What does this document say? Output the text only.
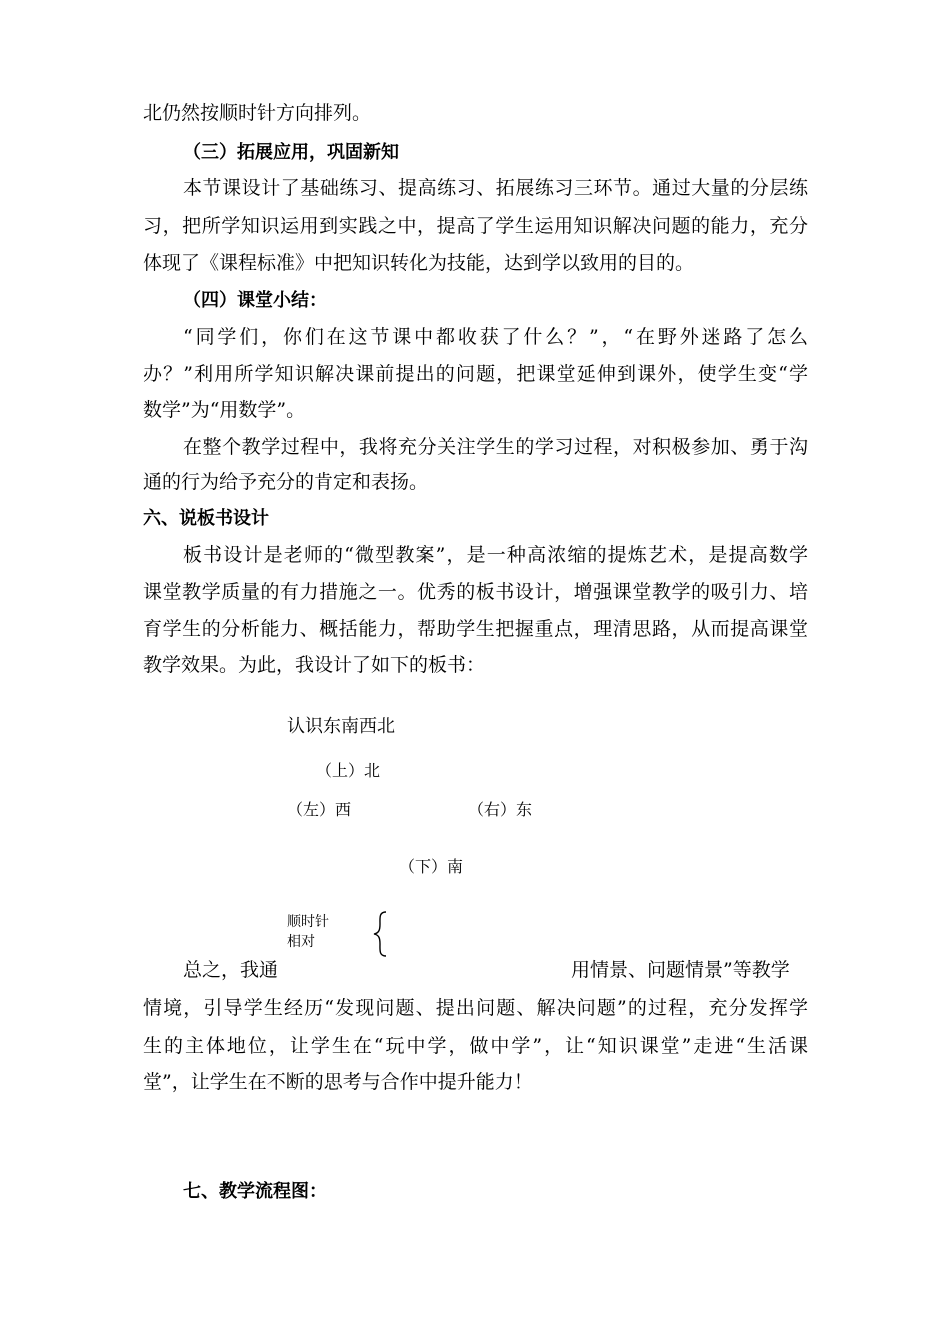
北仍然按顺时针方向排列。
（三）拓展应用，巩固新知
本节课设计了基础练习、提高练习、拓展练习三环节。通过大量的分层练
习，把所学知识运用到实践之中，提高了学生运用知识解决问题的能力，充分
体现了《课程标准》中把知识转化为技能，达到学以致用的目的。
（四）课堂小结：
“同学们，你们在这节课中都收获了什么？”，“在野外迷路了怎么
办？”利用所学知识解决课前提出的问题，把课堂延伸到课外，使学生变“学
数学”为“用数学”。
在整个教学过程中，我将充分关注学生的学习过程，对积极参加、勇于沟
通的行为给予充分的肯定和表扬。
六、说板书设计
板书设计是老师的“微型教案”，是一种高浓缩的提炼艺术，是提高数学
课堂教学质量的有力措施之一。优秀的板书设计，增强课堂教学的吸引力、培
育学生的分析能力、概括能力，帮助学生把握重点，理清思路，从而提高课堂
教学效果。为此，我设计了如下的板书：
认识东南西北
（上）北
（左）西	（右）东
（下）南
顺时针
相对
总之，我通	用情景、问题情景”等教学
情境，引导学生经历“发现问题、提出问题、解决问题”的过程，充分发挥学
生的主体地位，让学生在“玩中学，做中学”，让“知识课堂”走进“生活课
堂”，让学生在不断的思考与合作中提升能力！
七、教学流程图：
